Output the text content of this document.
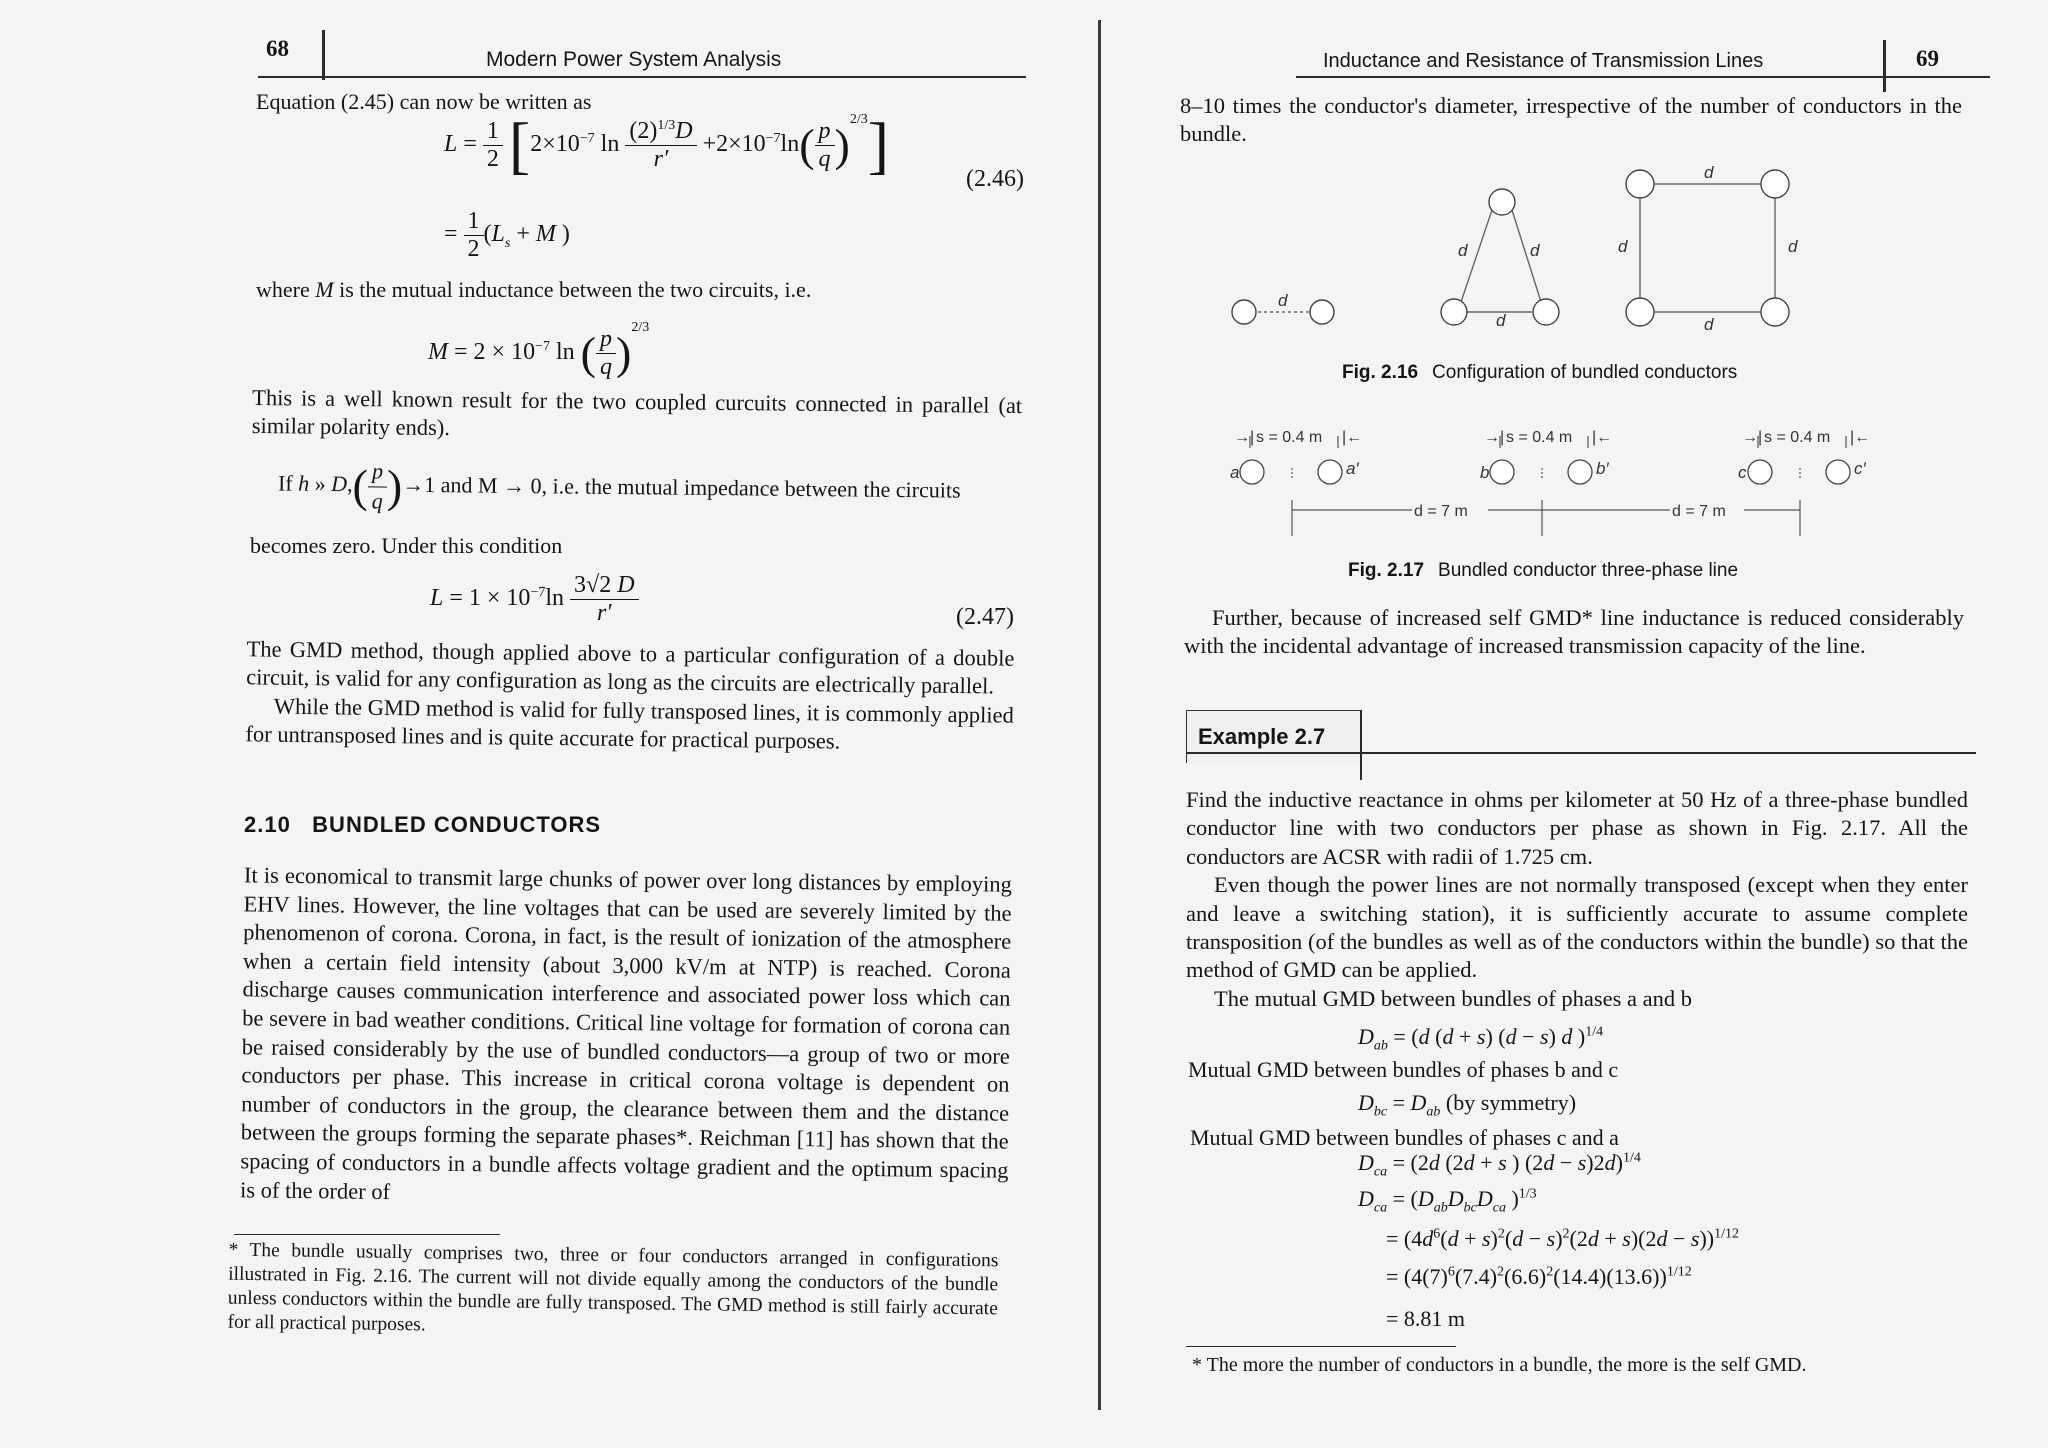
68	Modern Power System Analysis
Equation (2.45) can now be written as
$L = \frac{1}{2} [2\times 10^{-7}$ $\ln \frac{(2)^{1/3}D}{r'} +2\times 10^{-7}\ln( \frac{p}{q} )^{2/3}$]	(2.46)
= $\frac{1}{2} (L_s + M$ )
where M is the mutual inductance between the two circuits, i.e.
$M = 2 \times 10^{-7}$ ln ( $\frac{p}{q} )^{2/3}$
This is a well known result for the two coupled curcuits connected in parallel (at similar polarity ends).
If h » $D,( \frac{p}{q} )\to 1$ and M → 0, i.e. the mutual impedance between the circuits
becomes zero. Under this condition
$L = 1 \times 10^{-7}\ln \frac{3√2 D}{r'}$	(2.47)

The GMD method, though applied above to a particular configuration of a double circuit, is valid for any configuration as long as the circuits are electrically parallel.

While the GMD method is valid for fully transposed lines, it is commonly applied for untransposed lines and is quite accurate for practical purposes.

2.10 BUNDLED CONDUCTORS
It is economical to transmit large chunks of power over long distances by employing EHV lines. However, the line voltages that can be used are severely limited by the phenomenon of corona. Corona, in fact, is the result of ionization of the atmosphere when a certain field intensity (about 3,000 kV/m at NTP) is reached. Corona discharge causes communication interference and associated power loss which can be severe in bad weather conditions. Critical line voltage for formation of corona can be raised considerably by the use of bundled conductors—a group of two or more conductors per phase. This increase in critical corona voltage is dependent on number of conductors in the group, the clearance between them and the distance between the groups forming the separate phases*. Reichman [11] has shown that the spacing of conductors in a bundle affects voltage gradient and the optimum spacing is of the order of
* The bundle usually comprises two, three or four conductors arranged in configurations illustrated in Fig. 2.16. The current will not divide equally among the conductors of the bundle unless conductors within the bundle are fully transposed. The GMD method is still fairly accurate for all practical purposes.
Inductance and Resistance of Transmission Lines	69
8–10 times the conductor's diameter, irrespective of the number of conductors in the bundle.
d
d	d
d
d
d	d
d
Fig. 2.16 Configuration of bundled conductors
→|	|←	→|	|←	→|	|←
s = 0.4 m	s = 0.4 m	s = 0.4 m
d = 7 m	d = 7 m
a	a′	b	b′	c	c′
Fig. 2.17 Bundled conductor three-phase line
Further, because of increased self GMD* line inductance is reduced considerably with the incidental advantage of increased transmission capacity of the line.
Example 2.7

Find the inductive reactance in ohms per kilometer at 50 Hz of a three-phase bundled conductor line with two conductors per phase as shown in Fig. 2.17. All the conductors are ACSR with radii of 1.725 cm.

Even though the power lines are not normally transposed (except when they enter and leave a switching station), it is sufficiently accurate to assume complete transposition (of the bundles as well as of the conductors within the bundle) so that the method of GMD can be applied.

The mutual GMD between bundles of phases a and b

$D_{ab} = (d$ (d + s) (d − s) d )$^{1/4}$
Mutual GMD between bundles of phases b and c
$D_{bc} = D_{ab}$ (by symmetry)
Mutual GMD between bundles of phases c and a
$D_{ca} = (2d$ (2d + s ) (2d − s)2d)$^{1/4}$
$D_{ca} = (D_{ab}D_{bc}D_{ca}$ )$^{1/3}$
= $(4d^6(d + s)^2(d - s)^2(2d + s)(2d - s))^{1/12}$
= $(4(7)^6(7.4)^2(6.6)^2(14.4)(13.6))^{1/12}$
= 8.81 m
* The more the number of conductors in a bundle, the more is the self GMD.
